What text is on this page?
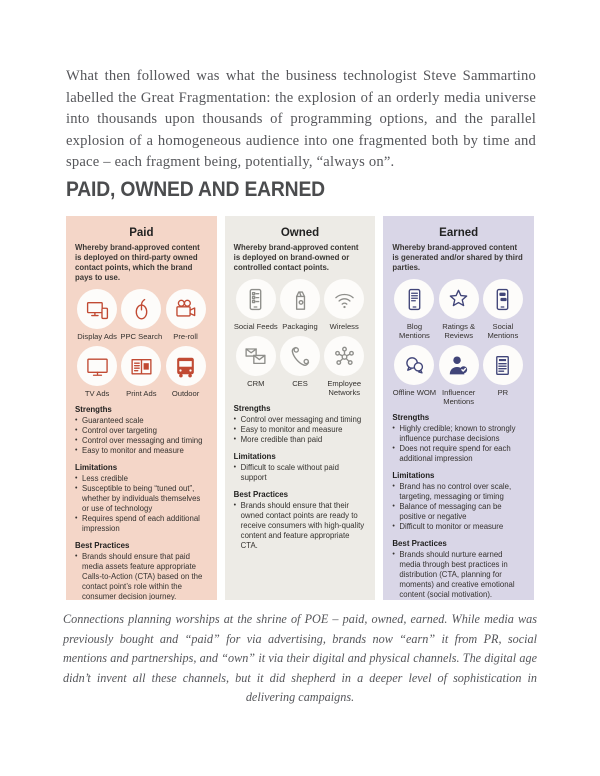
What then followed was what the business technologist Steve Sammartino labelled the Great Fragmentation: the explosion of an orderly media universe into thousands upon thousands of programming options, and the parallel explosion of a homogeneous audience into one fragmented both by time and space – each fragment being, potentially, “always on”.

PAID, OWNED AND EARNED
Paid

Whereby brand-approved content is deployed on third-party owned contact points, which the brand pays to use.

Display Ads PPC Search Pre-roll
TV Ads Print Ads Outdoor
Strengths
• Guaranteed scale
• Control over targeting
• Control over messaging and timing
• Easy to monitor and measure
Limitations
• Less credible
• Susceptible to being “tuned out”, whether by individuals themselves or use of technology
• Requires spend of each additional impression
Best Practices
• Brands should ensure that paid media assets feature appropriate Calls-to-Action (CTA) based on the contact point’s role within the consumer decision journey.
Owned

Whereby brand-approved content is deployed on brand-owned or controlled contact points.

Social Feeds Packaging Wireless
CRM	CES	Employee Networks
Strengths
• Control over messaging and timing
• Easy to monitor and measure
• More credible than paid
Limitations
• Difficult to scale without paid support
Best Practices
• Brands should ensure that their owned contact points are ready to receive consumers with high-quality content and feature appropriate CTA.
Earned

Whereby brand-approved content is generated and/or shared by third parties.

Blog Mentions
Ratings & Reviews
Social Mentions
Offline WOM Influencer Mentions
PR
Strengths
• Highly credible; known to strongly influence purchase decisions
• Does not require spend for each additional impression
Limitations
• Brand has no control over scale, targeting, messaging or timing
• Balance of messaging can be positive or negative
• Difficult to monitor or measure
Best Practices
• Brands should nurture earned media through best practices in distribution (CTA, planning for moments) and creative emotional content (social motivation).

Connections planning worships at the shrine of POE – paid, owned, earned. While media was previously bought and “paid” for via advertising, brands now “earn” it from PR, social mentions and partnerships, and “own” it via their digital and physical channels. The digital age didn’t invent all these channels, but it did shepherd in a deeper level of sophistication in delivering campaigns.
